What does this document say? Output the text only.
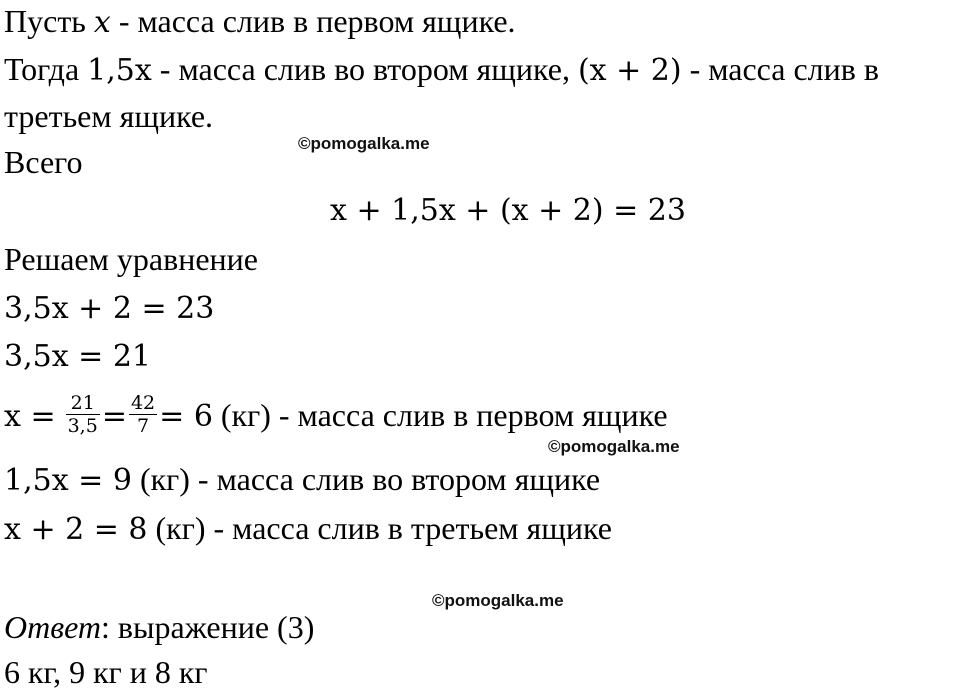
Пусть x - масса слив в первом ящике.
Тогда 1,5x - масса слив во втором ящике, (x + 2) - масса слив в
третьем ящике.
©pomogalka.me
Всего
x + 1,5x + (x + 2) = 23
Решаем уравнение
3,5x + 2 = 23
3,5x = 21
$x = \frac{21}{3,5} = \frac{42}{7} = 6$ (кг) - масса слив в первом ящике
©pomogalka.me
1,5x = 9 (кг) - масса слив во втором ящике
x + 2 = 8 (кг) - масса слив в третьем ящике
©pomogalka.me
Ответ: выражение (3)
6 кг, 9 кг и 8 кг
